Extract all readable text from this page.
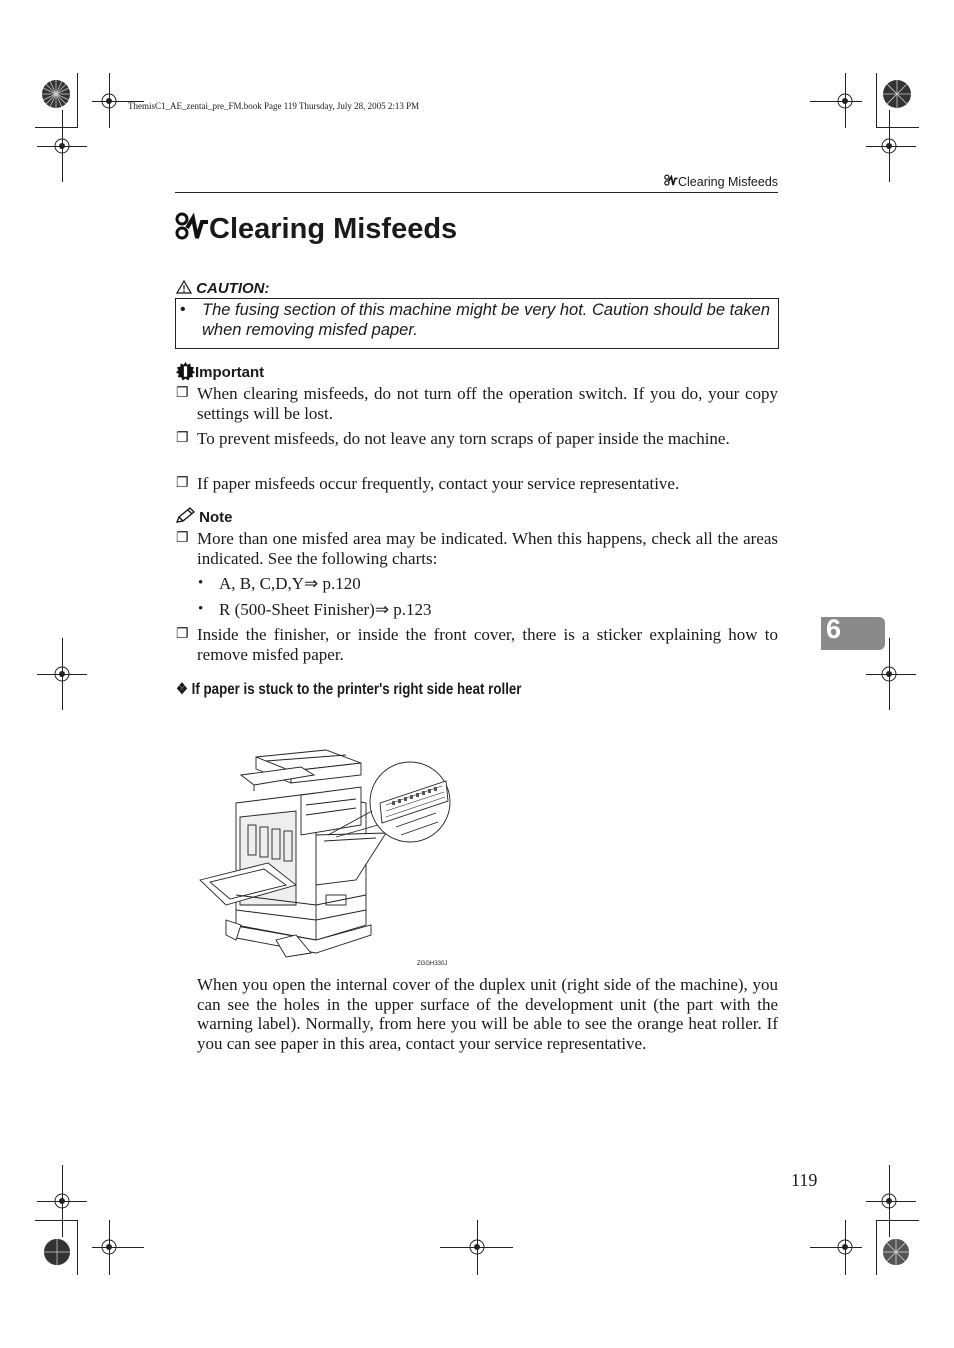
ThemisC1_AE_zentai_pre_FM.book Page 119 Thursday, July 28, 2005 2:13 PM
Clearing Misfeeds
Clearing Misfeeds
CAUTION:
• The fusing section of this machine might be very hot. Caution should be taken when removing misfed paper.
Important
❐ When clearing misfeeds, do not turn off the operation switch. If you do, your copy settings will be lost.
❐ To prevent misfeeds, do not leave any torn scraps of paper inside the machine.
❐ If paper misfeeds occur frequently, contact your service representative.
Note
❐ More than one misfed area may be indicated. When this happens, check all the areas indicated. See the following charts:
• A, B, C,D,Y⇒ p.120
• R (500-Sheet Finisher)⇒ p.123
❐ Inside the finisher, or inside the front cover, there is a sticker explaining how to remove misfed paper.
❖ If paper is stuck to the printer's right side heat roller
ZGGH330J
When you open the internal cover of the duplex unit (right side of the machine), you can see the holes in the upper surface of the development unit (the part with the warning label). Normally, from here you will be able to see the orange heat roller. If you can see paper in this area, contact your service representative.
6
119
